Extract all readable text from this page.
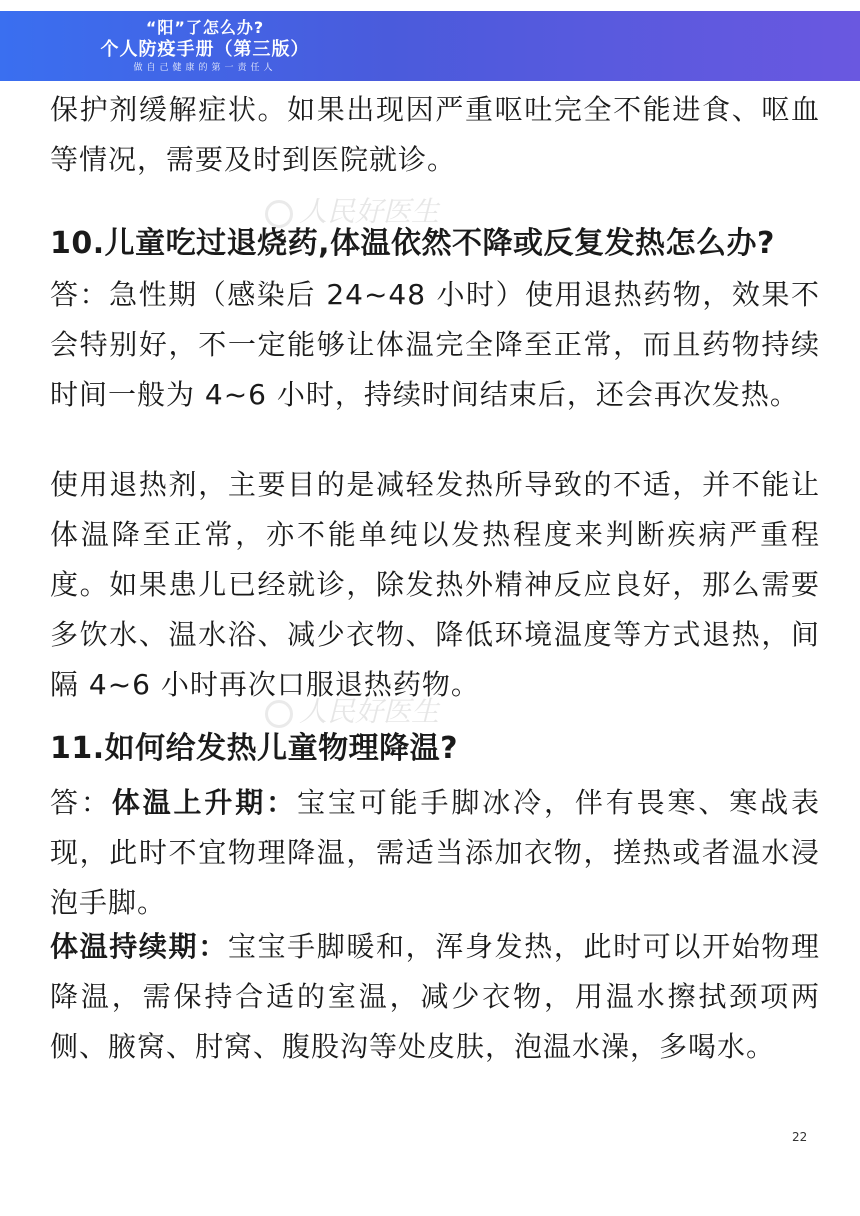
“阳”了怎么办?
个人防疫手册（第三版）
做自己健康的第一责任人
人民好医生
人民好医生

保护剂缓解症状。如果出现因严重呕吐完全不能进食、呕血等情况，需要及时到医院就诊。

10.儿童吃过退烧药,体温依然不降或反复发热怎么办?

答：急性期（感染后 24~48 小时）使用退热药物，效果不会特别好，不一定能够让体温完全降至正常，而且药物持续时间一般为 4~6 小时，持续时间结束后，还会再次发热。

使用退热剂，主要目的是减轻发热所导致的不适，并不能让体温降至正常，亦不能单纯以发热程度来判断疾病严重程度。如果患儿已经就诊，除发热外精神反应良好，那么需要多饮水、温水浴、减少衣物、降低环境温度等方式退热，间隔 4~6 小时再次口服退热药物。

11.如何给发热儿童物理降温?

答：体温上升期：宝宝可能手脚冰冷，伴有畏寒、寒战表现，此时不宜物理降温，需适当添加衣物，搓热或者温水浸泡手脚。

体温持续期：宝宝手脚暖和，浑身发热，此时可以开始物理降温，需保持合适的室温，减少衣物，用温水擦拭颈项两侧、腋窝、肘窝、腹股沟等处皮肤，泡温水澡，多喝水。

22
